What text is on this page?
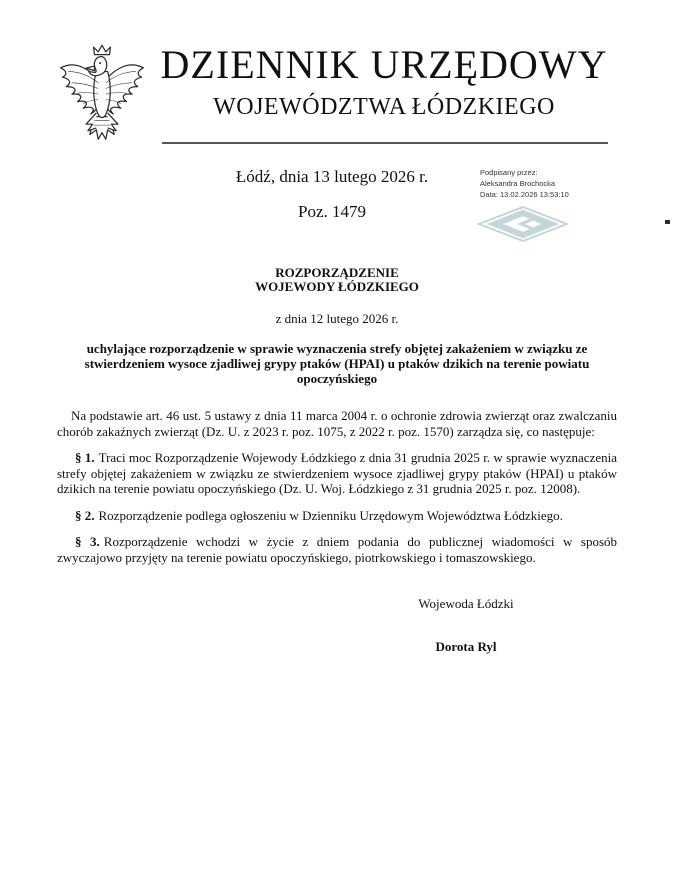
DZIENNIK URZĘDOWY
WOJEWÓDZTWA ŁÓDZKIEGO
Łódź, dnia 13 lutego 2026 r.
Poz. 1479
Podpisany przez:
Aleksandra Brochocka
Data: 13.02.2026 13:53:10
ROZPORZĄDZENIE
WOJEWODY ŁÓDZKIEGO
z dnia 12 lutego 2026 r.
uchylające rozporządzenie w sprawie wyznaczenia strefy objętej zakażeniem w związku ze stwierdzeniem wysoce zjadliwej grypy ptaków (HPAI) u ptaków dzikich na terenie powiatu opoczyńskiego

Na podstawie art. 46 ust. 5 ustawy z dnia 11 marca 2004 r. o ochronie zdrowia zwierząt oraz zwalczaniu chorób zakaźnych zwierząt (Dz. U. z 2023 r. poz. 1075, z 2022 r. poz. 1570) zarządza się, co następuje:

§ 1. Traci moc Rozporządzenie Wojewody Łódzkiego z dnia 31 grudnia 2025 r. w sprawie wyznaczenia strefy objętej zakażeniem w związku ze stwierdzeniem wysoce zjadliwej grypy ptaków (HPAI) u ptaków dzikich na terenie powiatu opoczyńskiego (Dz. U. Woj. Łódzkiego z 31 grudnia 2025 r. poz. 12008).

§ 2. Rozporządzenie podlega ogłoszeniu w Dzienniku Urzędowym Województwa Łódzkiego.

§ 3. Rozporządzenie wchodzi w życie z dniem podania do publicznej wiadomości w sposób zwyczajowo przyjęty na terenie powiatu opoczyńskiego, piotrkowskiego i tomaszowskiego.

Wojewoda Łódzki
Dorota Ryl
